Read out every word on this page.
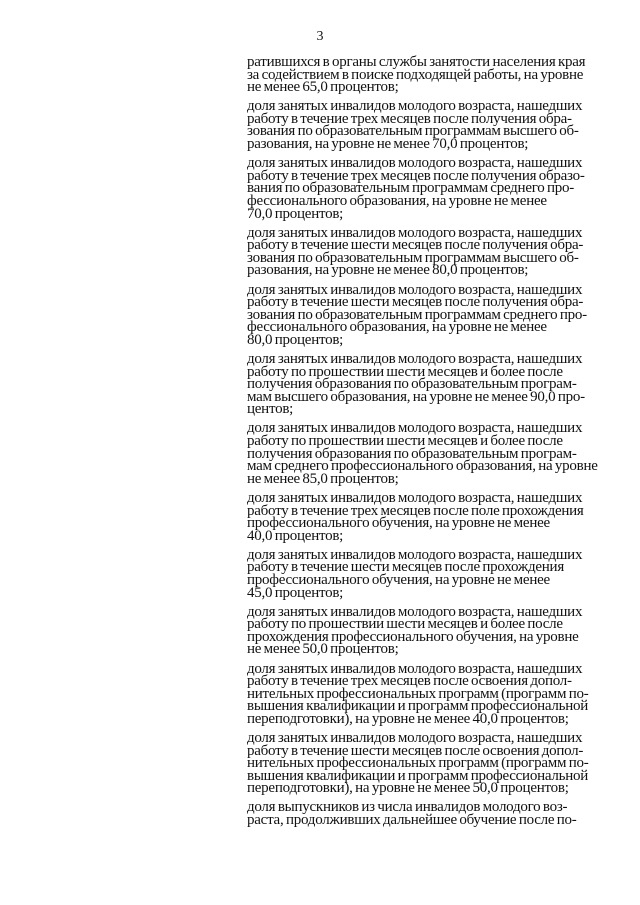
3

ратившихся в органы службы занятости населения края
за содействием в поиске подходящей работы, на уровне
не менее 65,0 процентов;

доля занятых инвалидов молодого возраста, нашедших
работу в течение трех месяцев после получения обра-
зования по образовательным программам высшего об-
разования, на уровне не менее 70,0 процентов;

доля занятых инвалидов молодого возраста, нашедших
работу в течение трех месяцев после получения образо-
вания по образовательным программам среднего про-
фессионального образования, на уровне не менее
70,0 процентов;

доля занятых инвалидов молодого возраста, нашедших
работу в течение шести месяцев после получения обра-
зования по образовательным программам высшего об-
разования, на уровне не менее 80,0 процентов;

доля занятых инвалидов молодого возраста, нашедших
работу в течение шести месяцев после получения обра-
зования по образовательным программам среднего про-
фессионального образования, на уровне не менее
80,0 процентов;

доля занятых инвалидов молодого возраста, нашедших
работу по прошествии шести месяцев и более после
получения образования по образовательным програм-
мам высшего образования, на уровне не менее 90,0 про-
центов;

доля занятых инвалидов молодого возраста, нашедших
работу по прошествии шести месяцев и более после
получения образования по образовательным програм-
мам среднего профессионального образования, на уровне
не менее 85,0 процентов;

доля занятых инвалидов молодого возраста, нашедших
работу в течение трех месяцев после поле прохождения
профессионального обучения, на уровне не менее
40,0 процентов;

доля занятых инвалидов молодого возраста, нашедших
работу в течение шести месяцев после прохождения
профессионального обучения, на уровне не менее
45,0 процентов;

доля занятых инвалидов молодого возраста, нашедших
работу по прошествии шести месяцев и более после
прохождения профессионального обучения, на уровне
не менее 50,0 процентов;

доля занятых инвалидов молодого возраста, нашедших
работу в течение трех месяцев после освоения допол-
нительных профессиональных программ (программ по-
вышения квалификации и программ профессиональной
переподготовки), на уровне не менее 40,0 процентов;

доля занятых инвалидов молодого возраста, нашедших
работу в течение шести месяцев после освоения допол-
нительных профессиональных программ (программ по-
вышения квалификации и программ профессиональной
переподготовки), на уровне не менее 50,0 процентов;

доля выпускников из числа инвалидов молодого воз-
раста, продолживших дальнейшее обучение после по-
